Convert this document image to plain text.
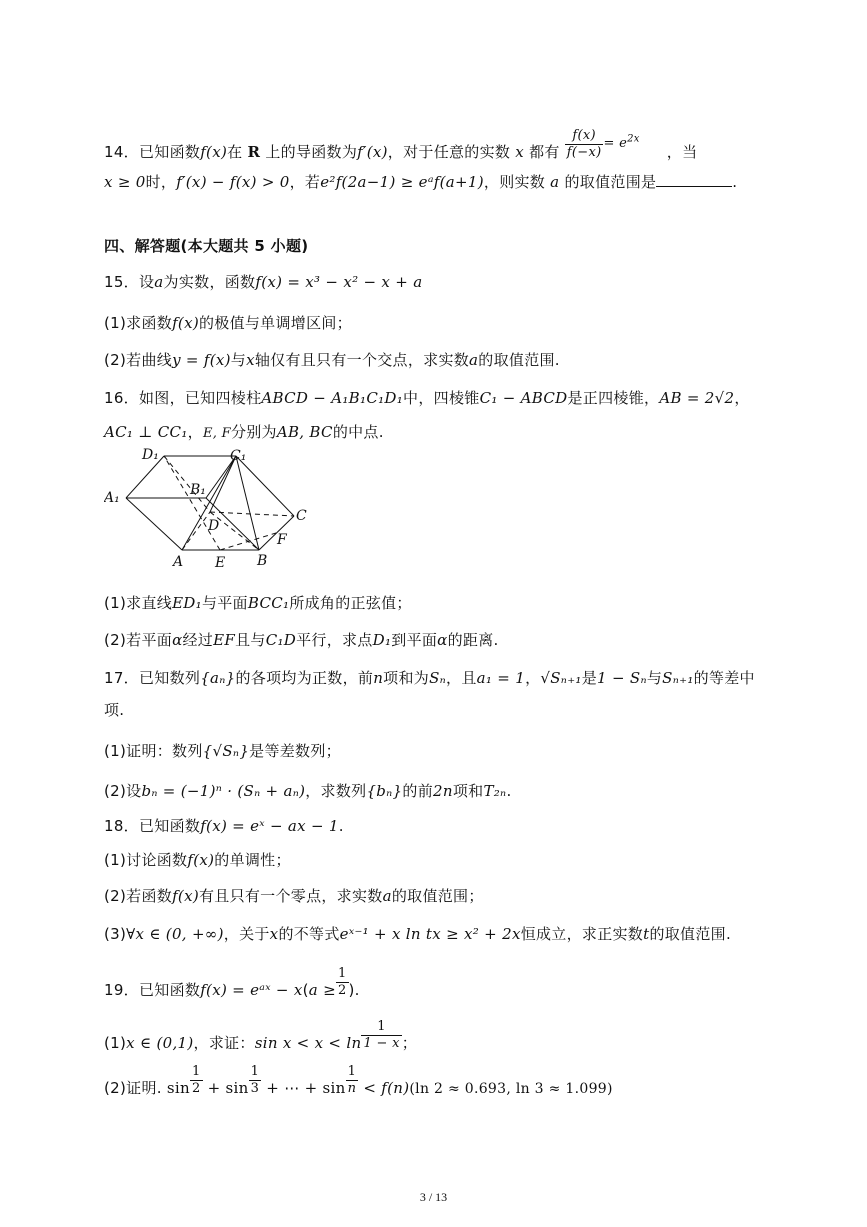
14．已知函数f(x)在 R 上的导函数为f′(x)，对于任意的实数 x 都有 $\frac{f(x)}{f(-x)} = e^{2x}$ ，当
x ≥ 0时，f′(x) − f(x) > 0，若e²f(2a−1) ≥ eᵃf(a+1)，则实数 a 的取值范围是	.
四、解答题(本大题共 5 小题)
15．设a为实数，函数f(x) = x³ − x² − x + a
(1)求函数f(x)的极值与单调增区间；
(2)若曲线y = f(x)与x轴仅有且只有一个交点，求实数a的取值范围.
16．如图，已知四棱柱ABCD − A₁B₁C₁D₁中，四棱锥C₁ − ABCD是正四棱锥，AB = 2√2，
AC₁ ⊥ CC₁，E, F分别为AB, BC的中点.
D₁	C₁
A₁	B₁
D
C
F
A E B
(1)求直线ED₁与平面BCC₁所成角的正弦值；
(2)若平面α经过EF且与C₁D平行，求点D₁到平面α的距离.
17．已知数列{aₙ}的各项均为正数，前n项和为Sₙ，且a₁ = 1，√Sₙ₊₁是1 − Sₙ与Sₙ₊₁的等差中
项.
(1)证明：数列{√Sₙ}是等差数列；
(2)设bₙ = (−1)ⁿ · (Sₙ + aₙ)，求数列{bₙ}的前2n项和T₂ₙ.
18．已知函数f(x) = eˣ − ax − 1.
(1)讨论函数f(x)的单调性；
(2)若函数f(x)有且只有一个零点，求实数a的取值范围；
(3)∀x ∈ (0, +∞)，关于x的不等式eˣ⁻¹ + x ln tx ≥ x² + 2x恒成立，求正实数t的取值范围.
19．已知函数f(x) = eᵃˣ − $x(a \ge \frac{1}{2}$ ).
(1)x ∈ (0,1)，求证：$\sin x < x < \ln \frac{1}{1 - x}$ ；
(2)证明. $\sin \frac{1}{2} + \sin \frac{1}{3}$ + ⋯ + $\sin \frac{1}{n} < f(n)(\ln$ 2 ≈ 0.693, ln 3 ≈ 1.099)
3 / 13
